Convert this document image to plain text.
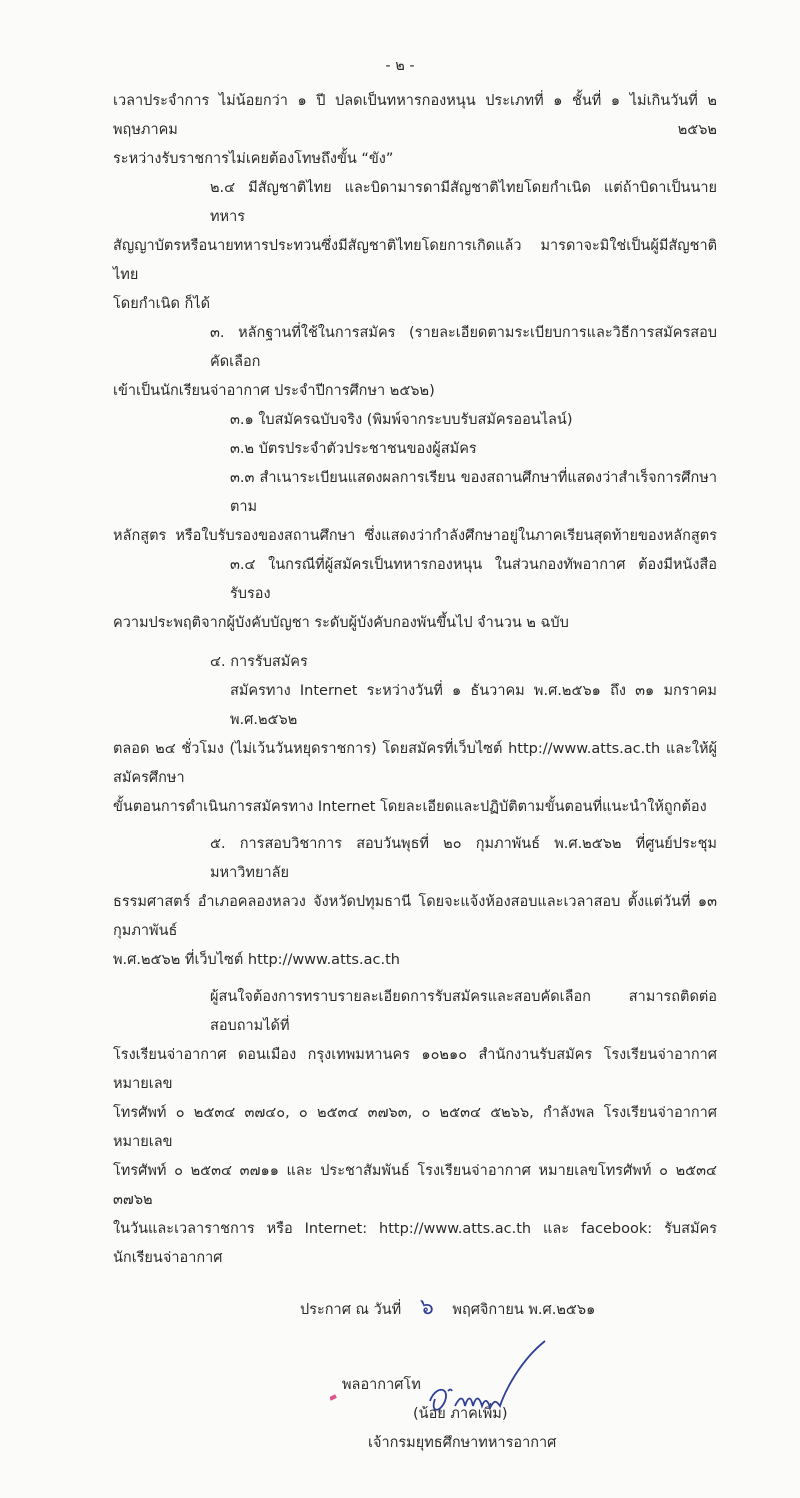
- ๒ -
เวลาประจำการ ไม่น้อยกว่า ๑ ปี ปลดเป็นทหารกองหนุน ประเภทที่ ๑ ชั้นที่ ๑ ไม่เกินวันที่ ๒ พฤษภาคม ๒๕๖๒
ระหว่างรับราชการไม่เคยต้องโทษถึงขั้น “ขัง”
๒.๔ มีสัญชาติไทย และบิดามารดามีสัญชาติไทยโดยกำเนิด แต่ถ้าบิดาเป็นนายทหาร
สัญญาบัตรหรือนายทหารประทวนซึ่งมีสัญชาติไทยโดยการเกิดแล้ว มารดาจะมิใช่เป็นผู้มีสัญชาติไทย
โดยกำเนิด ก็ได้
๓. หลักฐานที่ใช้ในการสมัคร (รายละเอียดตามระเบียบการและวิธีการสมัครสอบคัดเลือก
เข้าเป็นนักเรียนจ่าอากาศ ประจำปีการศึกษา ๒๕๖๒)
๓.๑ ใบสมัครฉบับจริง (พิมพ์จากระบบรับสมัครออนไลน์)
๓.๒ บัตรประจำตัวประชาชนของผู้สมัคร
๓.๓ สำเนาระเบียนแสดงผลการเรียน ของสถานศึกษาที่แสดงว่าสำเร็จการศึกษาตาม
หลักสูตร หรือใบรับรองของสถานศึกษา ซึ่งแสดงว่ากำลังศึกษาอยู่ในภาคเรียนสุดท้ายของหลักสูตร
๓.๔ ในกรณีที่ผู้สมัครเป็นทหารกองหนุน ในส่วนกองทัพอากาศ ต้องมีหนังสือรับรอง
ความประพฤติจากผู้บังคับบัญชา ระดับผู้บังคับกองพันขึ้นไป จำนวน ๒ ฉบับ
๔. การรับสมัคร
สมัครทาง Internet ระหว่างวันที่ ๑ ธันวาคม พ.ศ.๒๕๖๑ ถึง ๓๑ มกราคม พ.ศ.๒๕๖๒
ตลอด ๒๔ ชั่วโมง (ไม่เว้นวันหยุดราชการ) โดยสมัครที่เว็บไซต์ http://www.atts.ac.th และให้ผู้สมัครศึกษา
ขั้นตอนการดำเนินการสมัครทาง Internet โดยละเอียดและปฏิบัติตามขั้นตอนที่แนะนำให้ถูกต้อง
๕. การสอบวิชาการ สอบวันพุธที่ ๒๐ กุมภาพันธ์ พ.ศ.๒๕๖๒ ที่ศูนย์ประชุม มหาวิทยาลัย
ธรรมศาสตร์ อำเภอคลองหลวง จังหวัดปทุมธานี โดยจะแจ้งห้องสอบและเวลาสอบ ตั้งแต่วันที่ ๑๓ กุมภาพันธ์
พ.ศ.๒๕๖๒ ที่เว็บไซต์ http://www.atts.ac.th
ผู้สนใจต้องการทราบรายละเอียดการรับสมัครและสอบคัดเลือก สามารถติดต่อสอบถามได้ที่
โรงเรียนจ่าอากาศ ดอนเมือง กรุงเทพมหานคร ๑๐๒๑๐ สำนักงานรับสมัคร โรงเรียนจ่าอากาศ หมายเลข
โทรศัพท์ ๐ ๒๕๓๔ ๓๗๔๐, ๐ ๒๕๓๔ ๓๗๖๓, ๐ ๒๕๓๔ ๕๒๖๖, กำลังพล โรงเรียนจ่าอากาศ หมายเลข
โทรศัพท์ ๐ ๒๕๓๔ ๓๗๑๑ และ ประชาสัมพันธ์ โรงเรียนจ่าอากาศ หมายเลขโทรศัพท์ ๐ ๒๕๓๔ ๓๗๖๒
ในวันและเวลาราชการ หรือ Internet: http://www.atts.ac.th และ facebook: รับสมัครนักเรียนจ่าอากาศ
ประกาศ ณ วันที่ ๖ พฤศจิกายน พ.ศ.๒๕๖๑
พลอากาศโท
(น้อย ภาคเพิ่ม)
เจ้ากรมยุทธศึกษาทหารอากาศ
